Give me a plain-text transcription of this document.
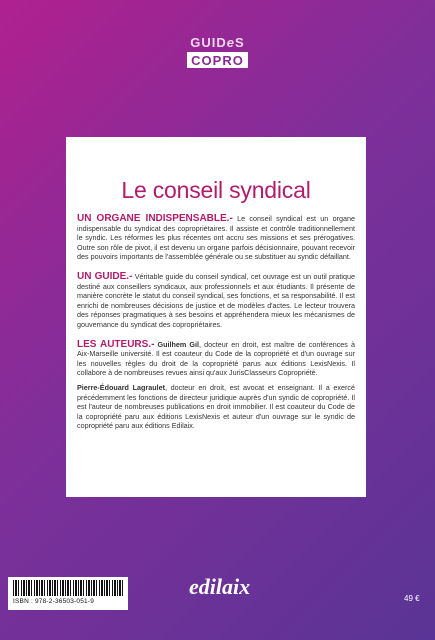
GUIDeS
COPRO
Le conseil syndical

UN ORGANE INDISPENSABLE.- Le conseil syndical est un organe indispensable du syndicat des copropriétaires. Il assiste et contrôle traditionnellement le syndic. Les réformes les plus récentes ont accru ses missions et ses prérogatives. Outre son rôle de pivot, il est devenu un organe parfois décisionnaire, pouvant recevoir des pouvoirs importants de l'assemblée générale ou se substituer au syndic défaillant.

UN GUIDE.- Véritable guide du conseil syndical, cet ouvrage est un outil pratique destiné aux conseillers syndicaux, aux professionnels et aux étudiants. Il présente de manière concrète le statut du conseil syndical, ses fonctions, et sa responsabilité. Il est enrichi de nombreuses décisions de justice et de modèles d'actes. Le lecteur trouvera des réponses pragmatiques à ses besoins et appréhendera mieux les mécanismes de gouvernance du syndicat des copropriétaires.

LES AUTEURS.- Guilhem Gil, docteur en droit, est maître de conférences à Aix-Marseille université. Il est coauteur du Code de la copropriété et d'un ouvrage sur les nouvelles règles du droit de la copropriété parus aux éditions LexisNexis. Il collabore à de nombreuses revues ainsi qu'aux JurisClasseurs Copropriété.

Pierre-Édouard Lagraulet, docteur en droit, est avocat et enseignant. Il a exercé précédemment les fonctions de directeur juridique auprès d'un syndic de copropriété. Il est l'auteur de nombreuses publications en droit immobilier. Il est coauteur du Code de la copropriété paru aux éditions LexisNexis et auteur d'un ouvrage sur le syndic de copropriété paru aux éditions Edilaix.

ISBN : 978-2-36503-051-9
edilaix	49 €
